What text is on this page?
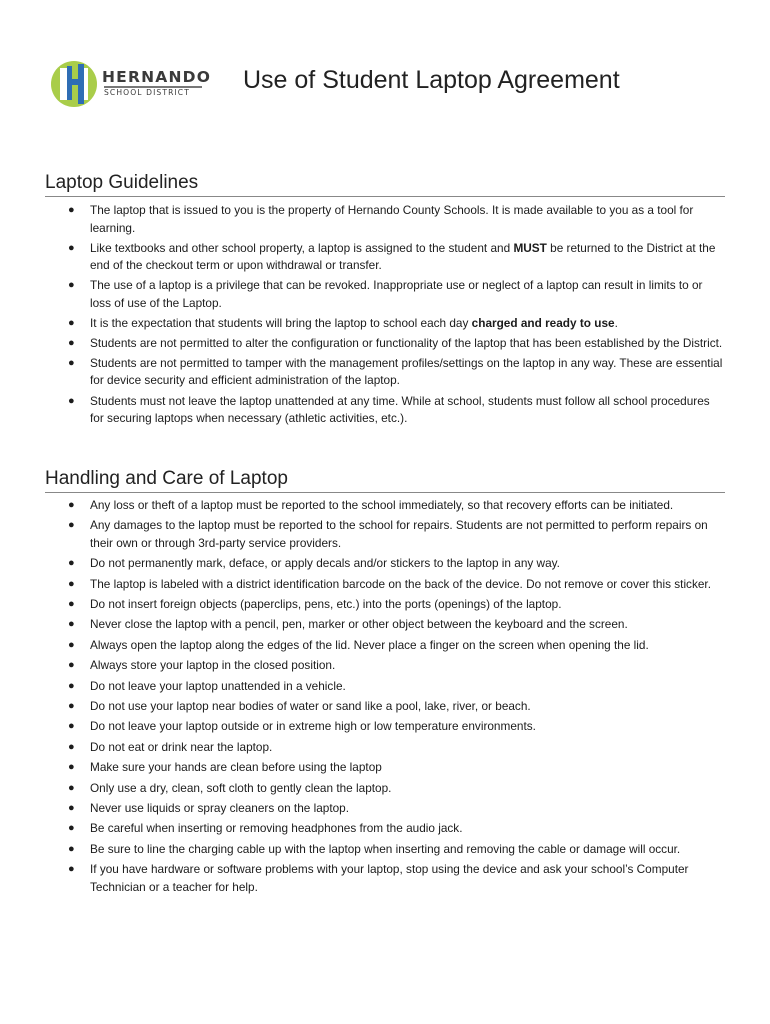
HERNANDO
SCHOOL DISTRICT Use of Student Laptop Agreement
Laptop Guidelines
● The laptop that is issued to you is the property of Hernando County Schools. It is made available to you as a tool for learning.
● Like textbooks and other school property, a laptop is assigned to the student and MUST be returned to the District at the end of the checkout term or upon withdrawal or transfer.
● The use of a laptop is a privilege that can be revoked. Inappropriate use or neglect of a laptop can result in limits to or loss of use of the Laptop.
● It is the expectation that students will bring the laptop to school each day charged and ready to use.
● Students are not permitted to alter the configuration or functionality of the laptop that has been established by the District.
● Students are not permitted to tamper with the management profiles/settings on the laptop in any way. These are essential for device security and efficient administration of the laptop.
● Students must not leave the laptop unattended at any time. While at school, students must follow all school procedures for securing laptops when necessary (athletic activities, etc.).
Handling and Care of Laptop
● Any loss or theft of a laptop must be reported to the school immediately, so that recovery efforts can be initiated.
● Any damages to the laptop must be reported to the school for repairs. Students are not permitted to perform repairs on their own or through 3rd-party service providers.
● Do not permanently mark, deface, or apply decals and/or stickers to the laptop in any way.
● The laptop is labeled with a district identification barcode on the back of the device. Do not remove or cover this sticker.
● Do not insert foreign objects (paperclips, pens, etc.) into the ports (openings) of the laptop.
● Never close the laptop with a pencil, pen, marker or other object between the keyboard and the screen.
● Always open the laptop along the edges of the lid. Never place a finger on the screen when opening the lid.
● Always store your laptop in the closed position.
● Do not leave your laptop unattended in a vehicle.
● Do not use your laptop near bodies of water or sand like a pool, lake, river, or beach.
● Do not leave your laptop outside or in extreme high or low temperature environments.
● Do not eat or drink near the laptop.
● Make sure your hands are clean before using the laptop
● Only use a dry, clean, soft cloth to gently clean the laptop.
● Never use liquids or spray cleaners on the laptop.
● Be careful when inserting or removing headphones from the audio jack.
● Be sure to line the charging cable up with the laptop when inserting and removing the cable or damage will occur.
● If you have hardware or software problems with your laptop, stop using the device and ask your school’s Computer Technician or a teacher for help.
